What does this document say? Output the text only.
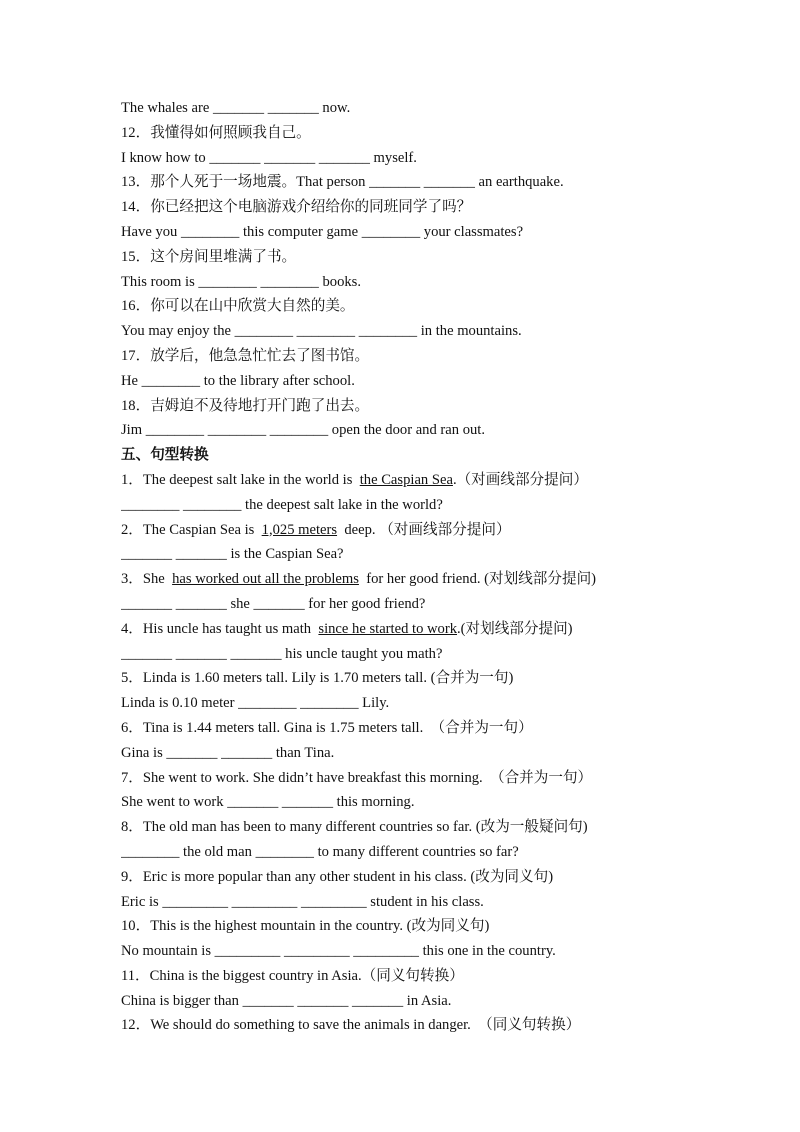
The whales are _______ _______ now.
12．我懂得如何照顾我自己。
I know how to _______ _______ _______ myself.
13．那个人死于一场地震。That person _______ _______ an earthquake.
14．你已经把这个电脑游戏介绍给你的同班同学了吗？
Have you ________ this computer game ________ your classmates?
15．这个房间里堆满了书。
This room is ________ ________ books.
16．你可以在山中欣赏大自然的美。
You may enjoy the ________ ________ ________ in the mountains.
17．放学后，他急急忙忙去了图书馆。
He ________ to the library after school.
18．吉姆迫不及待地打开门跑了出去。
Jim ________ ________ ________ open the door and ran out.
五、句型转换
1．The deepest salt lake in the world is  the Caspian Sea.（对画线部分提问）
________ ________ the deepest salt lake in the world?
2．The Caspian Sea is  1,025 meters  deep. （对画线部分提问）
_______ _______ is the Caspian Sea?
3．She  has worked out all the problems  for her good friend. (对划线部分提问)
_______ _______ she _______ for her good friend?
4．His uncle has taught us math  since he started to work.(对划线部分提问)
_______ _______ _______ his uncle taught you math?
5．Linda is 1.60 meters tall. Lily is 1.70 meters tall. (合并为一句)
Linda is 0.10 meter ________ ________ Lily.
6．Tina is 1.44 meters tall. Gina is 1.75 meters tall.  （合并为一句）
Gina is _______ _______ than Tina.
7．She went to work. She didn’t have breakfast this morning.  （合并为一句）
She went to work _______ _______ this morning.
8．The old man has been to many different countries so far. (改为一般疑问句)
________ the old man ________ to many different countries so far?
9．Eric is more popular than any other student in his class. (改为同义句)
Eric is _________ _________ _________ student in his class.
10．This is the highest mountain in the country. (改为同义句)
No mountain is _________ _________ _________ this one in the country.
11．China is the biggest country in Asia.（同义句转换）
China is bigger than _______ _______ _______ in Asia.
12．We should do something to save the animals in danger.  （同义句转换）
